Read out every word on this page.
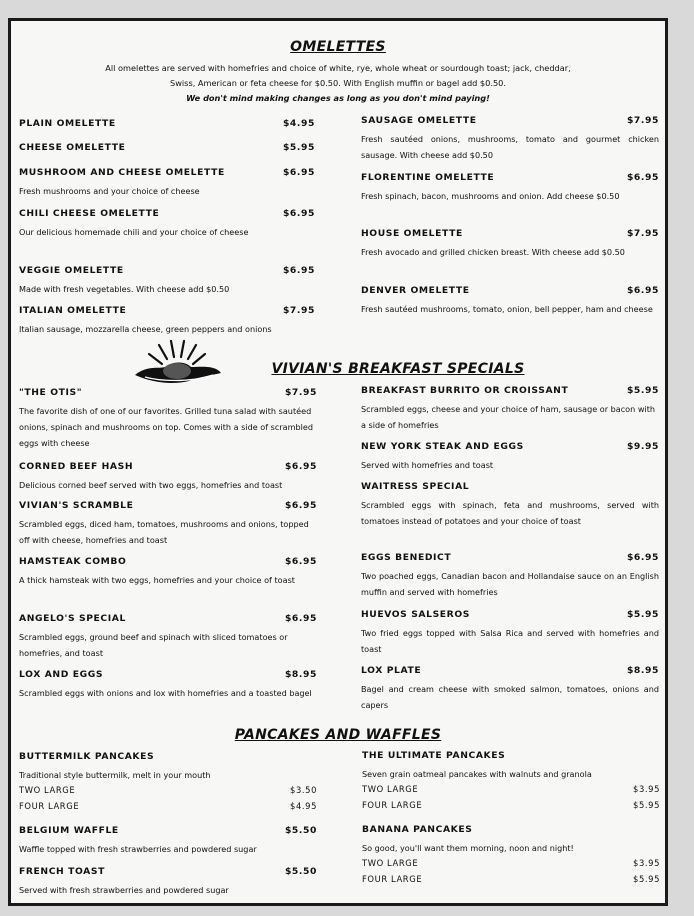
OMELETTES
All omelettes are served with homefries and choice of white, rye, whole wheat or sourdough toast; jack, cheddar,
Swiss, American or feta cheese for $0.50. With English muffin or bagel add $0.50.
We don't mind making changes as long as you don't mind paying!
PLAIN OMELETTE	$4.95
CHEESE OMELETTE	$5.95
MUSHROOM AND CHEESE OMELETTE	$6.95
Fresh mushrooms and your choice of cheese
CHILI CHEESE OMELETTE	$6.95
Our delicious homemade chili and your choice of cheese
VEGGIE OMELETTE	$6.95
Made with fresh vegetables. With cheese add $0.50
ITALIAN OMELETTE	$7.95
Italian sausage, mozzarella cheese, green peppers and onions
SAUSAGE OMELETTE	$7.95
Fresh sautéed onions, mushrooms, tomato and gourmet chicken sausage. With cheese add $0.50
FLORENTINE OMELETTE	$6.95
Fresh spinach, bacon, mushrooms and onion. Add cheese $0.50
HOUSE OMELETTE	$7.95
Fresh avocado and grilled chicken breast. With cheese add $0.50
DENVER OMELETTE	$6.95
Fresh sautéed mushrooms, tomato, onion, bell pepper, ham and cheese
VIVIAN'S BREAKFAST SPECIALS
"THE OTIS"	$7.95
The favorite dish of one of our favorites. Grilled tuna salad with sautéed onions, spinach and mushrooms on top. Comes with a side of scrambled eggs with cheese
CORNED BEEF HASH	$6.95
Delicious corned beef served with two eggs, homefries and toast
VIVIAN'S SCRAMBLE	$6.95
Scrambled eggs, diced ham, tomatoes, mushrooms and onions, topped off with cheese, homefries and toast
HAMSTEAK COMBO	$6.95
A thick hamsteak with two eggs, homefries and your choice of toast
ANGELO'S SPECIAL	$6.95
Scrambled eggs, ground beef and spinach with sliced tomatoes or homefries, and toast
LOX AND EGGS	$8.95
Scrambled eggs with onions and lox with homefries and a toasted bagel
BREAKFAST BURRITO OR CROISSANT	$5.95
Scrambled eggs, cheese and your choice of ham, sausage or bacon with a side of homefries
NEW YORK STEAK AND EGGS	$9.95
Served with homefries and toast
WAITRESS SPECIAL
Scrambled eggs with spinach, feta and mushrooms, served with tomatoes instead of potatoes and your choice of toast
EGGS BENEDICT	$6.95
Two poached eggs, Canadian bacon and Hollandaise sauce on an English muffin and served with homefries
HUEVOS SALSEROS	$5.95
Two fried eggs topped with Salsa Rica and served with homefries and toast
LOX PLATE	$8.95
Bagel and cream cheese with smoked salmon, tomatoes, onions and capers
PANCAKES AND WAFFLES
BUTTERMILK PANCAKES
Traditional style buttermilk, melt in your mouth
TWO LARGE	$3.50
FOUR LARGE	$4.95
BELGIUM WAFFLE	$5.50
Waffle topped with fresh strawberries and powdered sugar
FRENCH TOAST	$5.50
Served with fresh strawberries and powdered sugar
THE ULTIMATE PANCAKES
Seven grain oatmeal pancakes with walnuts and granola
TWO LARGE	$3.95
FOUR LARGE	$5.95
BANANA PANCAKES
So good, you'll want them morning, noon and night!
TWO LARGE	$3.95
FOUR LARGE	$5.95
